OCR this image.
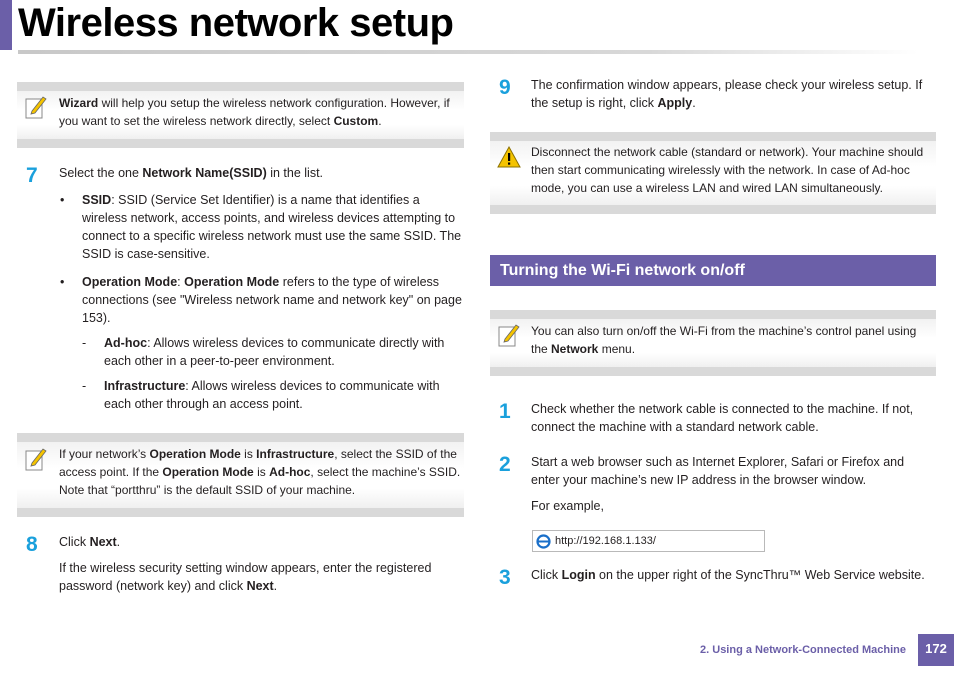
Wireless network setup
Wizard will help you setup the wireless network configuration. However, if you want to set the wireless network directly, select Custom.
7 Select the one Network Name(SSID) in the list.
• SSID: SSID (Service Set Identifier) is a name that identifies a wireless network, access points, and wireless devices attempting to connect to a specific wireless network must use the same SSID. The SSID is case-sensitive.
• Operation Mode: Operation Mode refers to the type of wireless connections (see "Wireless network name and network key" on page 153).
- Ad-hoc: Allows wireless devices to communicate directly with each other in a peer-to-peer environment.
- Infrastructure: Allows wireless devices to communicate with each other through an access point.
If your network’s Operation Mode is Infrastructure, select the SSID of the access point. If the Operation Mode is Ad-hoc, select the machine’s SSID. Note that “portthru” is the default SSID of your machine.
8 Click Next.
If the wireless security setting window appears, enter the registered password (network key) and click Next.
9 The confirmation window appears, please check your wireless setup. If the setup is right, click Apply.
Disconnect the network cable (standard or network). Your machine should then start communicating wirelessly with the network. In case of Ad-hoc mode, you can use a wireless LAN and wired LAN simultaneously.
Turning the Wi-Fi network on/off
You can also turn on/off the Wi-Fi from the machine’s control panel using the Network menu.
1 Check whether the network cable is connected to the machine. If not, connect the machine with a standard network cable.
2 Start a web browser such as Internet Explorer, Safari or Firefox and enter your machine’s new IP address in the browser window.
For example,
http://192.168.1.133/
3 Click Login on the upper right of the SyncThru™ Web Service website.
2. Using a Network-Connected Machine	172
